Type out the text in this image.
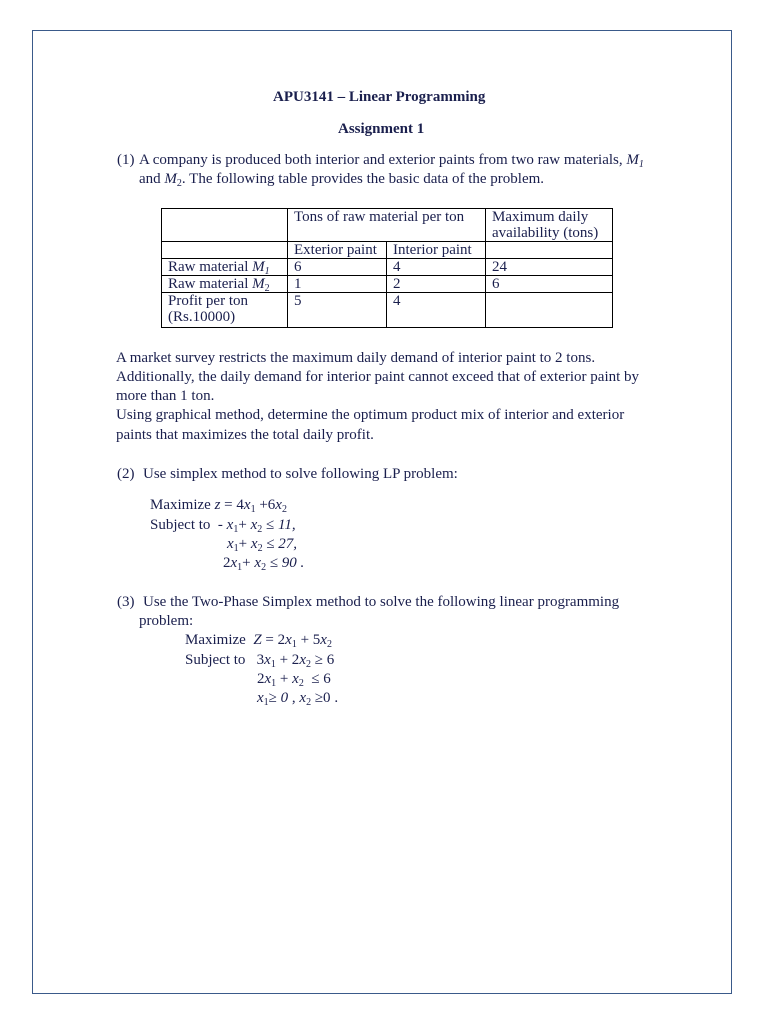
APU3141 – Linear Programming
Assignment 1
(1) A company is produced both interior and exterior paints from two raw materials, $M_1$
and $M_2$. The following table provides the basic data of the problem.
	Tons of raw material per ton		Maximum daily availability (tons)
	Exterior paint	Interior paint	
Raw material $M_1$	6	4	24
Raw material $M_2$	1	2	6
Profit per ton
(Rs.10000)	5	4	
A market survey restricts the maximum daily demand of interior paint to 2 tons.
Additionally, the daily demand for interior paint cannot exceed that of exterior paint by
more than 1 ton.
Using graphical method, determine the optimum product mix of interior and exterior
paints that maximizes the total daily profit.
(2) Use simplex method to solve following LP problem:
Maximize $z = 4x_1 +6x_2$
Subject to  - $x_1+ x_2 \le 11$,
$x_1+ x_2 \le 27$,
$2x_1+ x_2 \le 90$ .
(3) Use the Two-Phase Simplex method to solve the following linear programming
problem:
Maximize $Z = 2x_1 + 5x_2$
Subject to   $3x_1 + 2x_2 \ge 6$
$2x_1 + x_2 \le 6$
$x_1\ge 0$ , $x_2 \ge 0$ .
